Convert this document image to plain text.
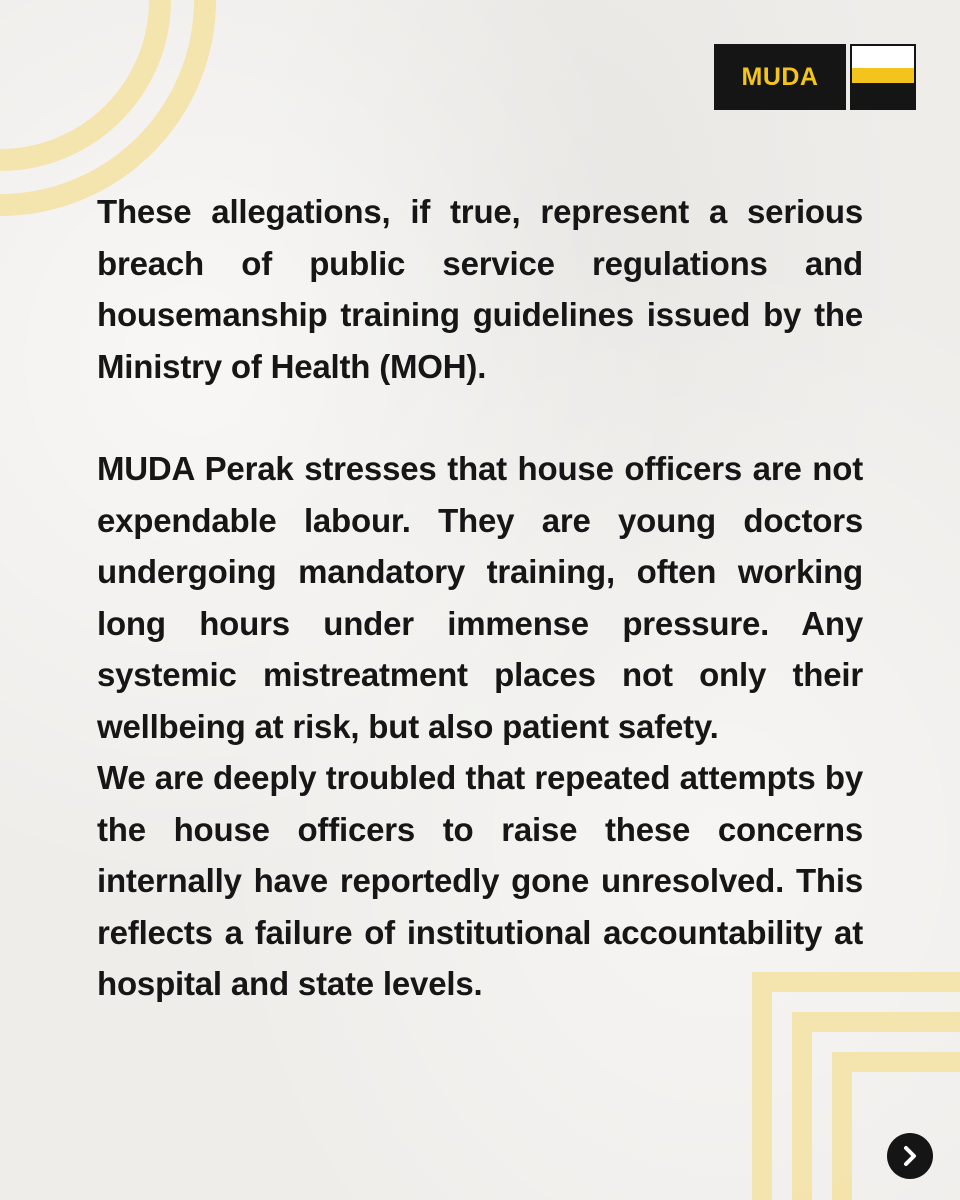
MUDA

These allegations, if true, represent a serious breach of public service regulations and housemanship training guidelines issued by the Ministry of Health (MOH).

MUDA Perak stresses that house officers are not expendable labour. They are young doctors undergoing mandatory training, often working long hours under immense pressure. Any systemic mistreatment places not only their wellbeing at risk, but also patient safety.

We are deeply troubled that repeated attempts by the house officers to raise these concerns internally have reportedly gone unresolved. This reflects a failure of institutional accountability at hospital and state levels.
